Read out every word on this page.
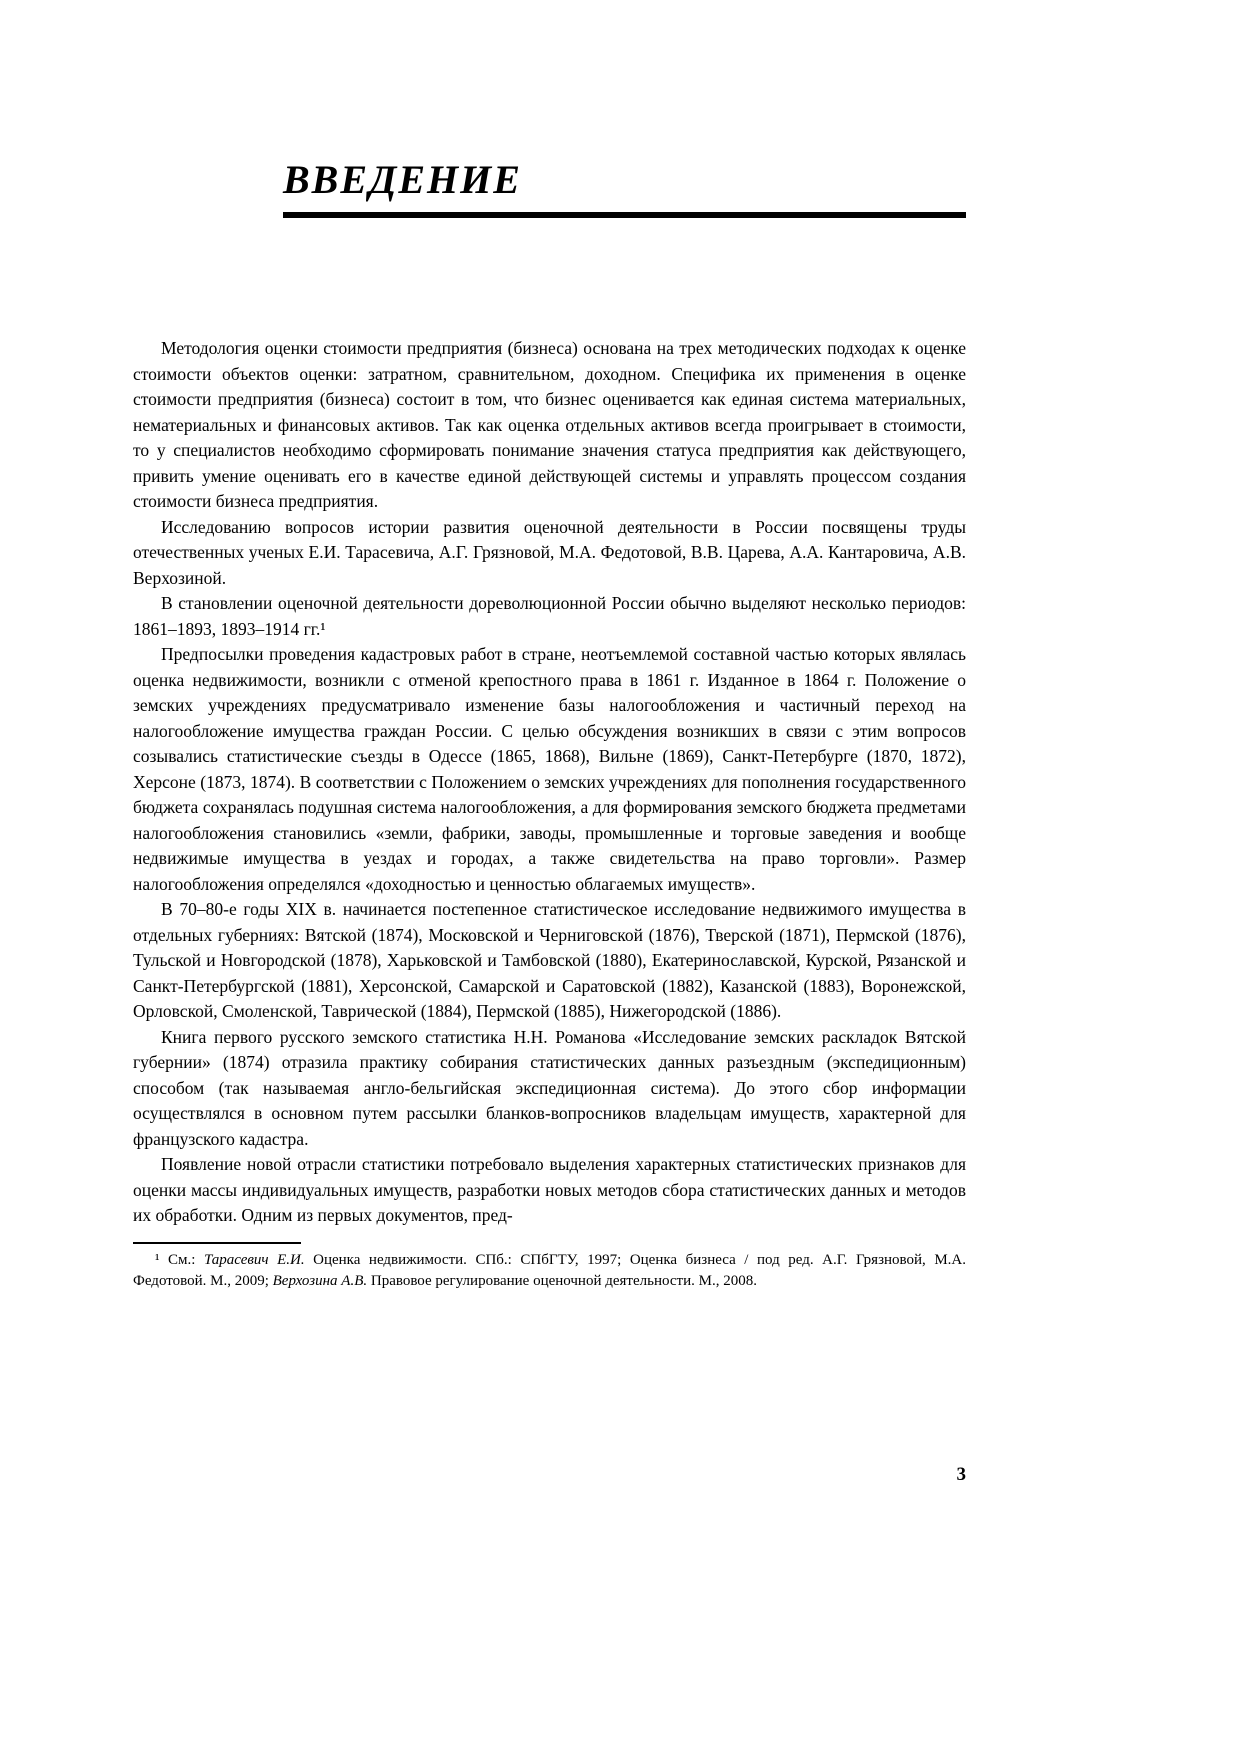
ВВЕДЕНИЕ

Методология оценки стоимости предприятия (бизнеса) основана на трех методических подходах к оценке стоимости объектов оценки: затратном, сравнительном, доходном. Специфика их применения в оценке стоимости предприятия (бизнеса) состоит в том, что бизнес оценивается как единая система материальных, нематериальных и финансовых активов. Так как оценка отдельных активов всегда проигрывает в стоимости, то у специалистов необходимо сформировать понимание значения статуса предприятия как действующего, привить умение оценивать его в качестве единой действующей системы и управлять процессом создания стоимости бизнеса предприятия.

Исследованию вопросов истории развития оценочной деятельности в России посвящены труды отечественных ученых Е.И. Тарасевича, А.Г. Грязновой, М.А. Федотовой, В.В. Царева, А.А. Кантаровича, А.В. Верхозиной.

В становлении оценочной деятельности дореволюционной России обычно выделяют несколько периодов: 1861–1893, 1893–1914 гг.¹

Предпосылки проведения кадастровых работ в стране, неотъемлемой составной частью которых являлась оценка недвижимости, возникли с отменой крепостного права в 1861 г. Изданное в 1864 г. Положение о земских учреждениях предусматривало изменение базы налогообложения и частичный переход на налогообложение имущества граждан России. С целью обсуждения возникших в связи с этим вопросов созывались статистические съезды в Одессе (1865, 1868), Вильне (1869), Санкт-Петербурге (1870, 1872), Херсоне (1873, 1874). В соответствии с Положением о земских учреждениях для пополнения государственного бюджета сохранялась подушная система налогообложения, а для формирования земского бюджета предметами налогообложения становились «земли, фабрики, заводы, промышленные и торговые заведения и вообще недвижимые имущества в уездах и городах, а также свидетельства на право торговли». Размер налогообложения определялся «доходностью и ценностью облагаемых имуществ».

В 70–80-е годы XIX в. начинается постепенное статистическое исследование недвижимого имущества в отдельных губерниях: Вятской (1874), Московской и Черниговской (1876), Тверской (1871), Пермской (1876), Тульской и Новгородской (1878), Харьковской и Тамбовской (1880), Екатеринославской, Курской, Рязанской и Санкт-Петербургской (1881), Херсонской, Самарской и Саратовской (1882), Казанской (1883), Воронежской, Орловской, Смоленской, Таврической (1884), Пермской (1885), Нижегородской (1886).

Книга первого русского земского статистика Н.Н. Романова «Исследование земских раскладок Вятской губернии» (1874) отразила практику собирания статистических данных разъездным (экспедиционным) способом (так называемая англо-бельгийская экспедиционная система). До этого сбор информации осуществлялся в основном путем рассылки бланков-вопросников владельцам имуществ, характерной для французского кадастра.

Появление новой отрасли статистики потребовало выделения характерных статистических признаков для оценки массы индивидуальных имуществ, разработки новых методов сбора статистических данных и методов их обработки. Одним из первых документов, пред-

¹ См.: Тарасевич Е.И. Оценка недвижимости. СПб.: СПбГТУ, 1997; Оценка бизнеса / под ред. А.Г. Грязновой, М.А. Федотовой. М., 2009; Верхозина А.В. Правовое регулирование оценочной деятельности. М., 2008.

3
